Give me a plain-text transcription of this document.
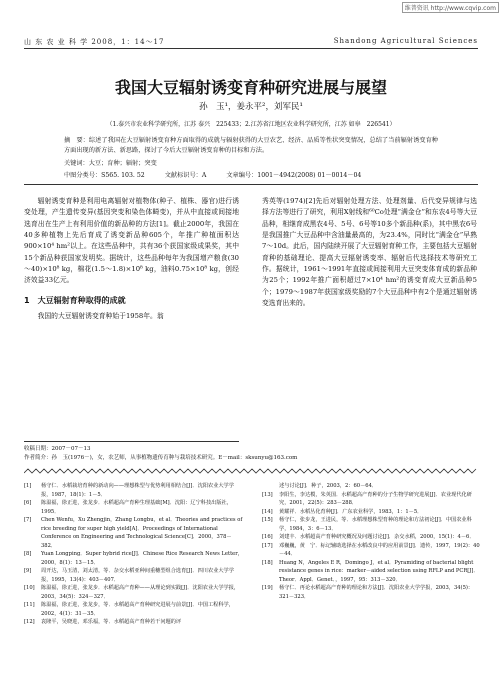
维普资讯 http://www.cqvip.com
山 东 农 业 科 学 2008，1：14～17	Shandong Agricultural Sciences
我国大豆辐射诱变育种研究进展与展望
孙　玉¹，姜永平²，刘军民¹
（1.泰兴市农业科学研究所，江苏 泰兴　225433；2.江苏省江地区农业科学研究所，江苏 如皋　226541）

摘　要：综述了我国在大豆辐射诱变育种方面取得的成就与辐射获得的大豆农艺、经济、品质等性状突变情况，总结了当前辐射诱变育种方面出现的新方法、新思路，探讨了今后大豆辐射诱变育种的目标和方法。

关键词：大豆；育种；辐射；突变
中图分类号：S565. 103. 52	文献标识号：A	文章编号：1001－4942(2008) 01－0014－04

辐射诱变育种是利用电离辐射对植物体(种子、植株、器官)进行诱变处理，产生遗传变异(基因突变和染色体畸变)，并从中直接或间接地选育出在生产上有利用价值的新品种的方法[1]。截止2000年，我国在40多种植物上先后育成了诱变新品种605个，年推广种植面积达900×10⁴ hm²以上。在这些品种中，共有36个获国家级成果奖，其中15个新品种获国家发明奖。据统计，这些品种每年为我国增产粮食(30～40)×10⁸ kg，棉花(1.5～1.8)×10⁸ kg，油料0.75×10⁸ kg，创经济效益33亿元。

1　大豆辐射育种取得的成就

我国的大豆辐射诱变育种始于1958年。翁

秀英等(1974)[2]先后对辐射处理方法、处理剂量、后代变异规律与选择方法等进行了研究，利用X射线和⁶⁰Co处理“满金仓”和东农4号等大豆品种，相继育成黑农4号、5号、6号等10多个新品种(系)，其中黑农6号是我国推广大豆品种中含油量最高的，为23.4%，同时比“满金仓”早熟7～10d。此后，国内陆续开展了大豆辐射育种工作，主要包括大豆辐射育种的基础理论、提高大豆辐射诱变率、辐射后代选择技术等研究工作。据统计，1961～1991年直接或间接利用大豆突变体育成的新品种为25个；1992年推广面积超过7×10⁴ hm²的诱变育成大豆新品种5个；1979～1987年获国家级奖励的7个大豆品种中有2个是通过辐射诱变选育出来的。

收稿日期：2007－07－13
作者简介：孙　玉(1976－)，女，农艺师，从事植物遗传育种与栽培技术研究。E－mail：sksunyu@163.com
[1]	杨守仁．水稻栽培育种的新动向——理想株型与优势利用相结合[J]．沈阳农业大学学报，1987，18(1)：1－5．
[6]	陈温福，徐正进，张龙步．水稻超高产育种生理基础[M]．沈阳：辽宁科技出版社，1995．
[7]	Chen Wenfu，Xu Zhengjin，Zhang Longbu，et al．Theories and practices of rice breeding for super high yield[A]．Proceedings of International Conference on Engineering and Technological Science[C]．2000，378－382．
[8]	Yuan Longping．Super hybrid rice[J]．Chinese Rice Research News Letter，2000，8(1)：13－15．
[9]	周开达，马玉清，刘太清，等．杂交水稻亚种间重穗型组合选育[J]．四川农业大学学报，1995，13(4)：403－407．
[10]	陈温福，徐正进，张龙步．水稻超高产育种——从理论到实践[J]．沈阳农业大学学报，2003，34(5)：324－327．
[11]	陈温福，徐正进，张龙步，等．水稻超高产育种研究进展与前景[J]．中国工程科学，2002，4(1)：31－35．
[12]	袁隆平，吴晓进，邓乐福，等．水稻超高产育种若干问题的评
述与讨论[J]．种子，2003，2：60－64．
[13]	李阳生，李达模，朱英国．水稻超高产育种的分子生物学研究进展[J]．农业现代化研究，2001，22(5)：283－288．
[14]	黄耀祥．水稻丛化育种[J]．广东农业科学，1983，1：1－5．
[15]	杨守仁，张步龙，王进民，等．水稻理想株型育种的理论和方法初论[J]．中国农业科学，1984，3：6－13．
[16]	刘建丰．水稻超高产育种研究概况及问题讨论[J]．杂交水稻，2000，15(1)：4－6．
[17]	邓巍巍，黄　宁．标记辅助选择在水稻改良中的应用前景[J]．遗传，1997，19(2)：40－44．
[18]	Huang N，Angeles E R，Domingo J，et al．Pyramiding of bacterial blight resistance genes in rice：marker－aided selection using RFLP and PCR[J]．Theor．Appl．Genet．，1997，95：313－320．
[19]	杨守仁．再论水稻超高产育种的理论和方法[J]．沈阳农业大学学报，2003，34(5)：321－323．
